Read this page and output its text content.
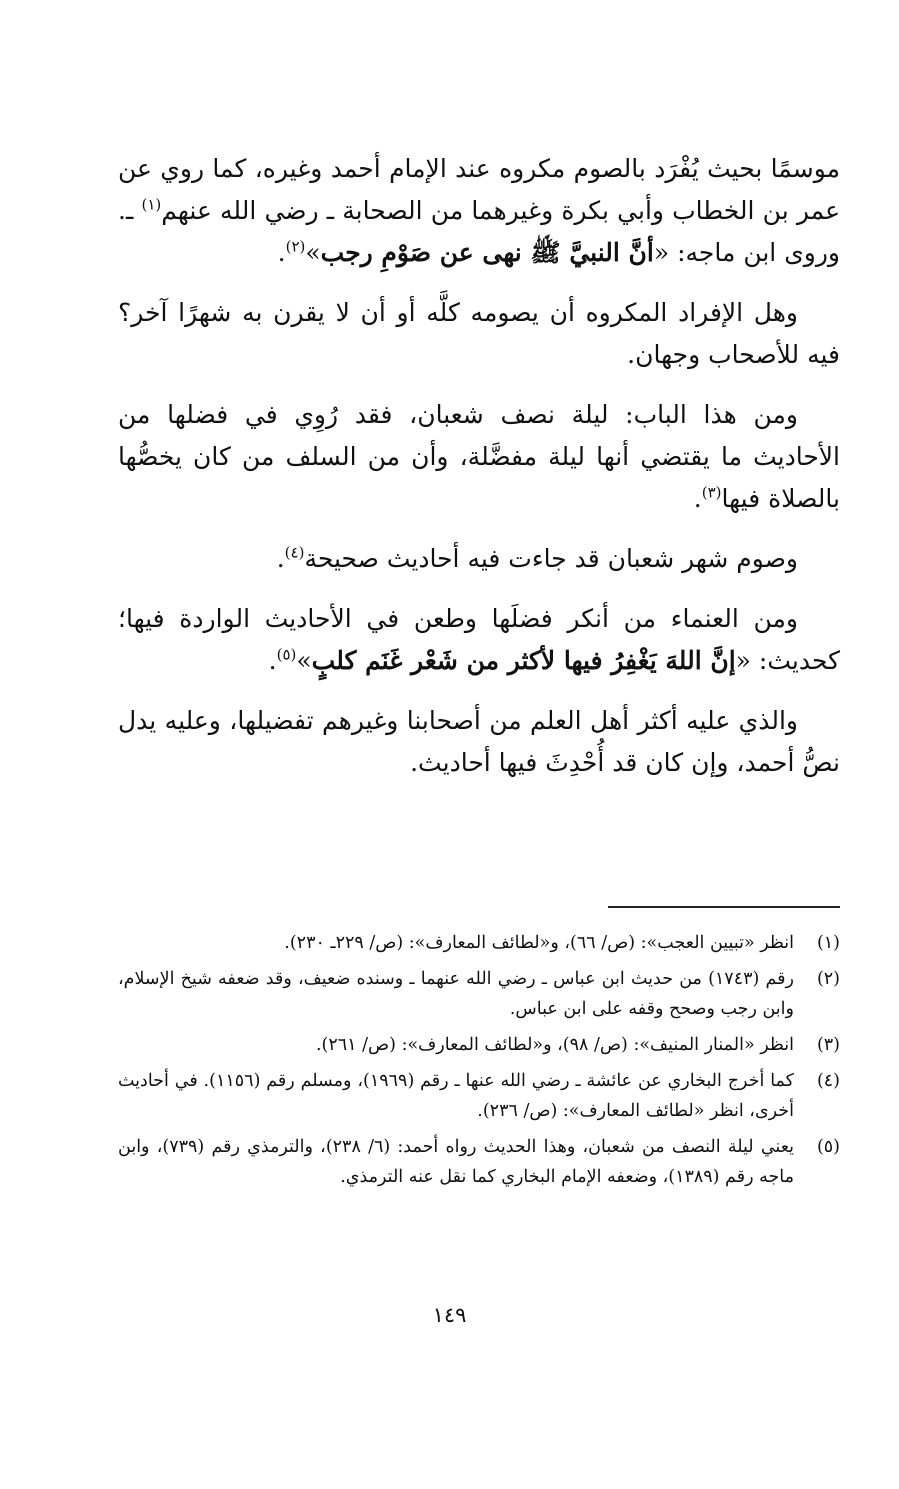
موسمًا بحيث يُفْرَد بالصوم مكروه عند الإمام أحمد وغيره، كما روي عن عمر بن الخطاب وأبي بكرة وغيرهما من الصحابة ـ رضي الله عنهم$^{(١)}$ ـ. وروى ابن ماجه: «أنَّ النبيَّ ﷺ نهى عن صَوْمِ رجب»$^{(٢)}$.

وهل الإفراد المكروه أن يصومه كلَّه أو أن لا يقرن به شهرًا آخر؟ فيه للأصحاب وجهان.

ومن هذا الباب: ليلة نصف شعبان، فقد رُوِي في فضلها من الأحاديث ما يقتضي أنها ليلة مفضَّلة، وأن من السلف من كان يخصُّها بالصلاة فيها$^{(٣)}$.

وصوم شهر شعبان قد جاءت فيه أحاديث صحيحة$^{(٤)}$.

ومن العنماء من أنكر فضلَها وطعن في الأحاديث الواردة فيها؛ كحديث: «إنَّ اللهَ يَغْفِرُ فيها لأكثر من شَعْر غَنَم كلبٍ»$^{(٥)}$.

والذي عليه أكثر أهل العلم من أصحابنا وغيرهم تفضيلها، وعليه يدل نصُّ أحمد، وإن كان قد أُحْدِثَ فيها أحاديث.

(١)
انظر «تبيين العجب»: (ص/ ٦٦)، و«لطائف المعارف»: (ص/ ٢٢٩ـ ٢٣٠).
(٢)
رقم (١٧٤٣) من حديث ابن عباس ـ رضي الله عنهما ـ وسنده ضعيف، وقد ضعفه شيخ الإسلام، وابن رجب وصحح وقفه على ابن عباس.
(٣)
انظر «المنار المنيف»: (ص/ ٩٨)، و«لطائف المعارف»: (ص/ ٢٦١).
(٤)
كما أخرج البخاري عن عائشة ـ رضي الله عنها ـ رقم (١٩٦٩)، ومسلم رقم (١١٥٦). في أحاديث أخرى، انظر «لطائف المعارف»: (ص/ ٢٣٦).
(٥)
يعني ليلة النصف من شعبان، وهذا الحديث رواه أحمد: (٦/ ٢٣٨)، والترمذي رقم (٧٣٩)، وابن ماجه رقم (١٣٨٩)، وضعفه الإمام البخاري كما نقل عنه الترمذي.
١٤٩
